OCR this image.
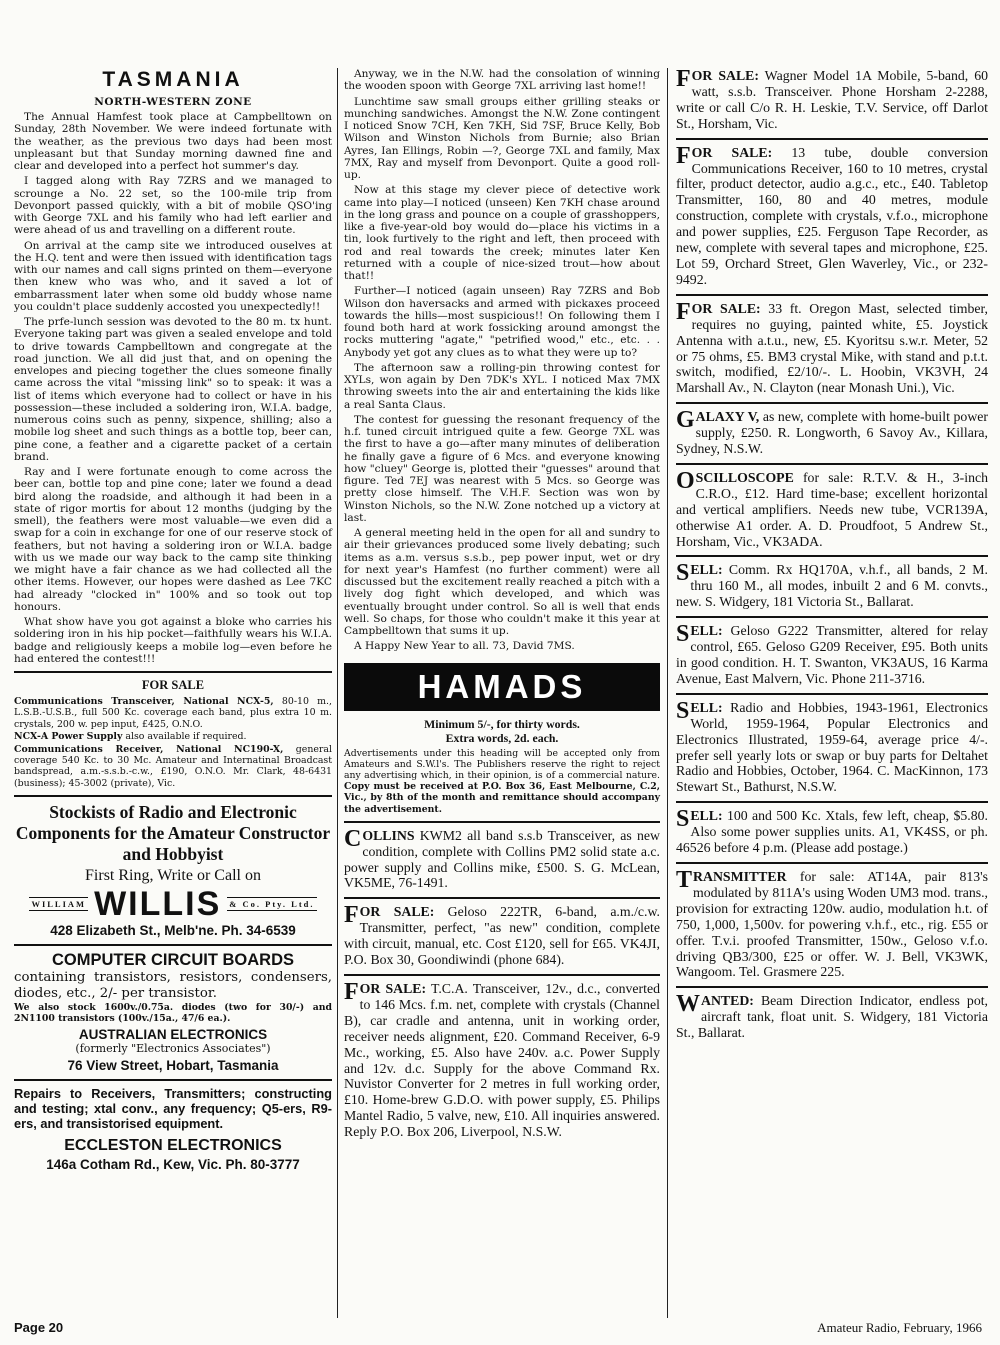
TASMANIA
NORTH-WESTERN ZONE

The Annual Hamfest took place at Campbelltown on Sunday, 28th November. We were indeed fortunate with the weather, as the previous two days had been most unpleasant but that Sunday morning dawned fine and clear and developed into a perfect hot summer's day.

I tagged along with Ray 7ZRS and we managed to scrounge a No. 22 set, so the 100-mile trip from Devonport passed quickly, with a bit of mobile QSO'ing with George 7XL and his family who had left earlier and were ahead of us and travelling on a different route.

On arrival at the camp site we introduced ouselves at the H.Q. tent and were then issued with identification tags with our names and call signs printed on them—everyone then knew who was who, and it saved a lot of embarrassment later when some old buddy whose name you couldn't place suddenly accosted you unexpectedly!!

The prfe-lunch session was devoted to the 80 m. tx hunt. Everyone taking part was given a sealed envelope and told to drive towards Campbelltown and congregate at the road junction. We all did just that, and on opening the envelopes and piecing together the clues someone finally came across the vital "missing link" so to speak: it was a list of items which everyone had to collect or have in his possession—these included a soldering iron, W.I.A. badge, numerous coins such as penny, sixpence, shilling; also a mobile log sheet and such things as a bottle top, beer can, pine cone, a feather and a cigarette packet of a certain brand.

Ray and I were fortunate enough to come across the beer can, bottle top and pine cone; later we found a dead bird along the roadside, and although it had been in a state of rigor mortis for about 12 months (judging by the smell), the feathers were most valuable—we even did a swap for a coin in exchange for one of our reserve stock of feathers, but not having a soldering iron or W.I.A. badge with us we made our way back to the camp site thinking we might have a fair chance as we had collected all the other items. However, our hopes were dashed as Lee 7KC had already "clocked in" 100% and so took out top honours.

What show have you got against a bloke who carries his soldering iron in his hip pocket—faithfully wears his W.I.A. badge and religiously keeps a mobile log—even before he had entered the contest!!!

FOR SALE

Communications Transceiver, National NCX-5, 80-10 m., L.S.B.-U.S.B., full 500 Kc. coverage each band, plus extra 10 m. crystals, 200 w. pep input, £425, O.N.O.

NCX-A Power Supply also available if required.

Communications Receiver, National NC190-X, general coverage 540 Kc. to 30 Mc. Amateur and Internatinal Broadcast bandspread, a.m.-s.s.b.-c.w., £190, O.N.O. Mr. Clark, 48-6431 (business); 45-3002 (private), Vic.

Stockists of Radio and Electronic Components for the Amateur Constructor and Hobbyist
First Ring, Write or Call on
WILLIAM WILLIS & Co. Pty. Ltd.
428 Elizabeth St., Melb'ne. Ph. 34-6539
COMPUTER CIRCUIT BOARDS

containing transistors, resistors, condensers, diodes, etc., 2/- per transistor.

We also stock 1600v./0.75a. diodes (two for 30/-) and 2N1100 transistors (100v./15a., 47/6 ea.).

AUSTRALIAN ELECTRONICS
(formerly "Electronics Associates")
76 View Street, Hobart, Tasmania

Repairs to Receivers, Transmitters; constructing and testing; xtal conv., any frequency; Q5-ers, R9-ers, and transistorised equipment.

ECCLESTON ELECTRONICS
146a Cotham Rd., Kew, Vic. Ph. 80-3777

Anyway, we in the N.W. had the consolation of winning the wooden spoon with George 7XL arriving last home!!

Lunchtime saw small groups either grilling steaks or munching sandwiches. Amongst the N.W. Zone contingent I noticed Snow 7CH, Ken 7KH, Sid 7SF, Bruce Kelly, Bob Wilson and Winston Nichols from Burnie; also Brian Ayres, Ian Ellings, Robin —?, George 7XL and family, Max 7MX, Ray and myself from Devonport. Quite a good roll-up.

Now at this stage my clever piece of detective work came into play—I noticed (unseen) Ken 7KH chase around in the long grass and pounce on a couple of grasshoppers, like a five-year-old boy would do—place his victims in a tin, look furtively to the right and left, then proceed with rod and real towards the creek; minutes later Ken returned with a couple of nice-sized trout—how about that!!

Further—I noticed (again unseen) Ray 7ZRS and Bob Wilson don haversacks and armed with pickaxes proceed towards the hills—most suspicious!! On following them I found both hard at work fossicking around amongst the rocks muttering "agate," "petrified wood," etc., etc. . . Anybody yet got any clues as to what they were up to?

The afternoon saw a rolling-pin throwing contest for XYLs, won again by Den 7DK's XYL. I noticed Max 7MX throwing sweets into the air and entertaining the kids like a real Santa Claus.

The contest for guessing the resonant frequency of the h.f. tuned circuit intrigued quite a few. George 7XL was the first to have a go—after many minutes of deliberation he finally gave a figure of 6 Mcs. and everyone knowing how "cluey" George is, plotted their "guesses" around that figure. Ted 7EJ was nearest with 5 Mcs. so George was pretty close himself. The V.H.F. Section was won by Winston Nichols, so the N.W. Zone notched up a victory at last.

A general meeting held in the open for all and sundry to air their grievances produced some lively debating; such items as a.m. versus s.s.b., pep power input, wet or dry for next year's Hamfest (no further comment) were all discussed but the excitement really reached a pitch with a lively dog fight which developed, and which was eventually brought under control. So all is well that ends well. So chaps, for those who couldn't make it this year at Campbelltown that sums it up.

A Happy New Year to all. 73, David 7MS.

HAMADS
Minimum 5/-, for thirty words.
Extra words, 2d. each.
Advertisements under this heading will be accepted only from Amateurs and S.W.l's. The Publishers reserve the right to reject any advertising which, in their opinion, is of a commercial nature. Copy must be received at P.O. Box 36, East Melbourne, C.2, Vic., by 8th of the month and remittance should accompany the advertisement.

COLLINS KWM2 all band s.s.b Transceiver, as new condition, complete with Collins PM2 solid state a.c. power supply and Collins mike, £500. S. G. McLean, VK5ME, 76-1491.

FOR SALE: Geloso 222TR, 6-band, a.m./c.w. Transmitter, perfect, "as new" condition, complete with circuit, manual, etc. Cost £120, sell for £65. VK4JI, P.O. Box 30, Goondiwindi (phone 684).

FOR SALE: T.C.A. Transceiver, 12v., d.c., converted to 146 Mcs. f.m. net, complete with crystals (Channel B), car cradle and antenna, unit in working order, receiver needs alignment, £20. Command Receiver, 6-9 Mc., working, £5. Also have 240v. a.c. Power Supply and 12v. d.c. Supply for the above Command Rx. Nuvistor Converter for 2 metres in full working order, £10. Home-brew G.D.O. with power supply, £5. Philips Mantel Radio, 5 valve, new, £10. All inquiries answered. Reply P.O. Box 206, Liverpool, N.S.W.

FOR SALE: Wagner Model 1A Mobile, 5-band, 60 watt, s.s.b. Transceiver. Phone Horsham 2-2288, write or call C/o R. H. Leskie, T.V. Service, off Darlot St., Horsham, Vic.

FOR SALE: 13 tube, double conversion Communications Receiver, 160 to 10 metres, crystal filter, product detector, audio a.g.c., etc., £40. Tabletop Transmitter, 160, 80 and 40 metres, module construction, complete with crystals, v.f.o., microphone and power supplies, £25. Ferguson Tape Recorder, as new, complete with several tapes and microphone, £25. Lot 59, Orchard Street, Glen Waverley, Vic., or 232-9492.

FOR SALE: 33 ft. Oregon Mast, selected timber, requires no guying, painted white, £5. Joystick Antenna with a.t.u., new, £5. Kyoritsu s.w.r. Meter, 52 or 75 ohms, £5. BM3 crystal Mike, with stand and p.t.t. switch, modified, £2/10/-. L. Hoobin, VK3VH, 24 Marshall Av., N. Clayton (near Monash Uni.), Vic.

GALAXY V, as new, complete with home-built power supply, £250. R. Longworth, 6 Savoy Av., Killara, Sydney, N.S.W.

OSCILLOSCOPE for sale: R.T.V. & H., 3-inch C.R.O., £12. Hard time-base; excellent horizontal and vertical amplifiers. Needs new tube, VCR139A, otherwise A1 order. A. D. Proudfoot, 5 Andrew St., Horsham, Vic., VK3ADA.

SELL: Comm. Rx HQ170A, v.h.f., all bands, 2 M. thru 160 M., all modes, inbuilt 2 and 6 M. convts., new. S. Widgery, 181 Victoria St., Ballarat.

SELL: Geloso G222 Transmitter, altered for relay control, £65. Geloso G209 Receiver, £95. Both units in good condition. H. T. Swanton, VK3AUS, 16 Karma Avenue, East Malvern, Vic. Phone 211-3716.

SELL: Radio and Hobbies, 1943-1961, Electronics World, 1959-1964, Popular Electronics and Electronics Illustrated, 1959-64, average price 4/-. prefer sell yearly lots or swap or buy parts for Deltahet Radio and Hobbies, October, 1964. C. MacKinnon, 173 Stewart St., Bathurst, N.S.W.

SELL: 100 and 500 Kc. Xtals, few left, cheap, $5.80. Also some power supplies units. A1, VK4SS, or ph. 46526 before 4 p.m. (Please add postage.)

TRANSMITTER for sale: AT14A, pair 813's modulated by 811A's using Woden UM3 mod. trans., provision for extracting 120w. audio, modulation h.t. of 750, 1,000, 1,500v. for powering v.h.f., etc., rig. £55 or offer. T.v.i. proofed Transmitter, 150w., Geloso v.f.o. driving QB3/300, £25 or offer. W. J. Bell, VK3WK, Wangoom. Tel. Grasmere 225.

WANTED: Beam Direction Indicator, endless pot, aircraft tank, float unit. S. Widgery, 181 Victoria St., Ballarat.

Page 20	Amateur Radio, February, 1966
